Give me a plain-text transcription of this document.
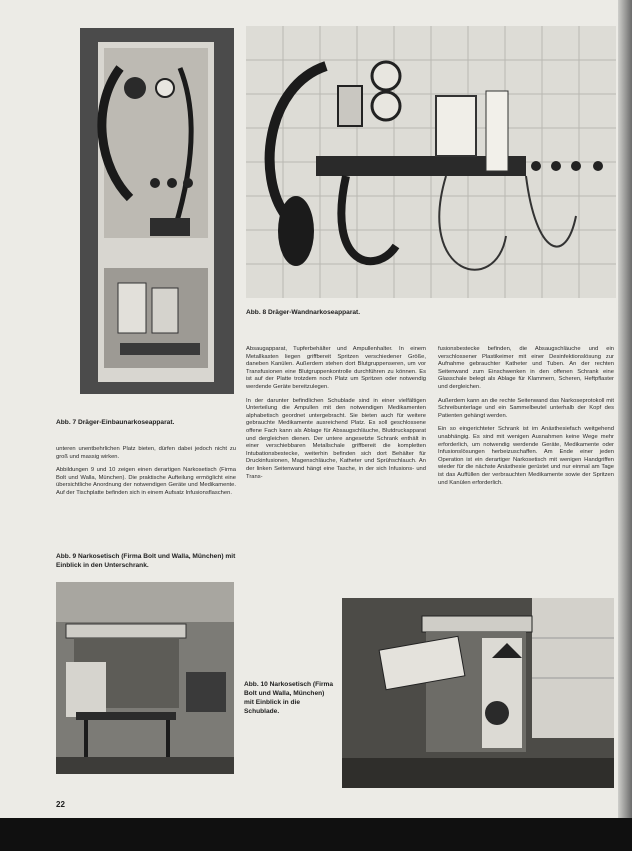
Abb. 7 Dräger-Einbaunarkoseapparat.
Abb. 8 Dräger-Wandnarkoseapparat.

unteren unentbehrlichen Platz bieten, dürfen dabei jedoch nicht zu groß und massig wirken.

Abbildungen 9 und 10 zeigen einen derartigen Narkosetisch (Firma Bolt und Walla, München). Die praktische Aufteilung ermöglicht eine übersichtliche Anordnung der notwendigen Geräte und Medikamente. Auf der Tischplatte befinden sich in einem Aufsatz Infusionsflaschen.

Abb. 9 Narkosetisch (Firma Bolt und Walla, München) mit Einblick in den Unterschrank.

Absaugapparat, Tupferbehälter und Ampullenhalter. In einem Metallkasten liegen griffbereit Spritzen verschiedener Größe, daneben Kanülen. Außerdem stehen dort Blutgruppenseren, um vor Transfusionen eine Blutgruppenkontrolle durchführen zu können. Es ist auf der Platte trotzdem noch Platz um Spritzen oder notwendig werdende Geräte bereitzulegen.

In der darunter befindlichen Schublade sind in einer vielfältigen Unterteilung die Ampullen mit den notwendigen Medikamenten alphabetisch geordnet untergebracht. Sie bieten auch für weitere gebrauchte Medikamente ausreichend Platz. Es soll geschlossene offene Fach kann als Ablage für Absaugschläuche, Blutdruckapparat und dergleichen dienen. Der untere angesetzte Schrank enthält in einer verschiebbaren Metallschale griffbereit die kompletten Intubationsbestecke, weiterhin befinden sich dort Behälter für Druckinfusionen, Magenschläuche, Katheter und Sprühschlauch. An der linken Seitenwand hängt eine Tasche, in der sich Infusions- und Trans-

fusionsbestecke befinden, die Absaugschläuche und ein verschlossener Plastikeimer mit einer Desinfektionslösung zur Aufnahme gebrauchter Katheter und Tuben. An der rechten Seitenwand zum Einschwenken in den offenen Schrank eine Glasschale belegt als Ablage für Klammern, Scheren, Heftpflaster und dergleichen.

Außerdem kann an die rechte Seitenwand das Narkoseprotokoll mit Schreibunterlage und ein Sammelbeutel unterhalb der Kopf des Patienten gehängt werden.

Ein so eingerichteter Schrank ist im Anästhesiefach weitgehend unabhängig. Es sind mit wenigen Ausnahmen keine Wege mehr erforderlich, um notwendig werdende Geräte, Medikamente oder Infusionslösungen herbeizuschaffen. Am Ende einer jeden Operation ist ein derartiger Narkosetisch mit wenigen Handgriffen wieder für die nächste Anästhesie gerüstet und nur einmal am Tage ist das Auffüllen der verbrauchten Medikamente sowie der Spritzen und Kanülen erforderlich.

Abb. 10 Narkosetisch (Firma Bolt und Walla, München) mit Einblick in die Schublade.
22
